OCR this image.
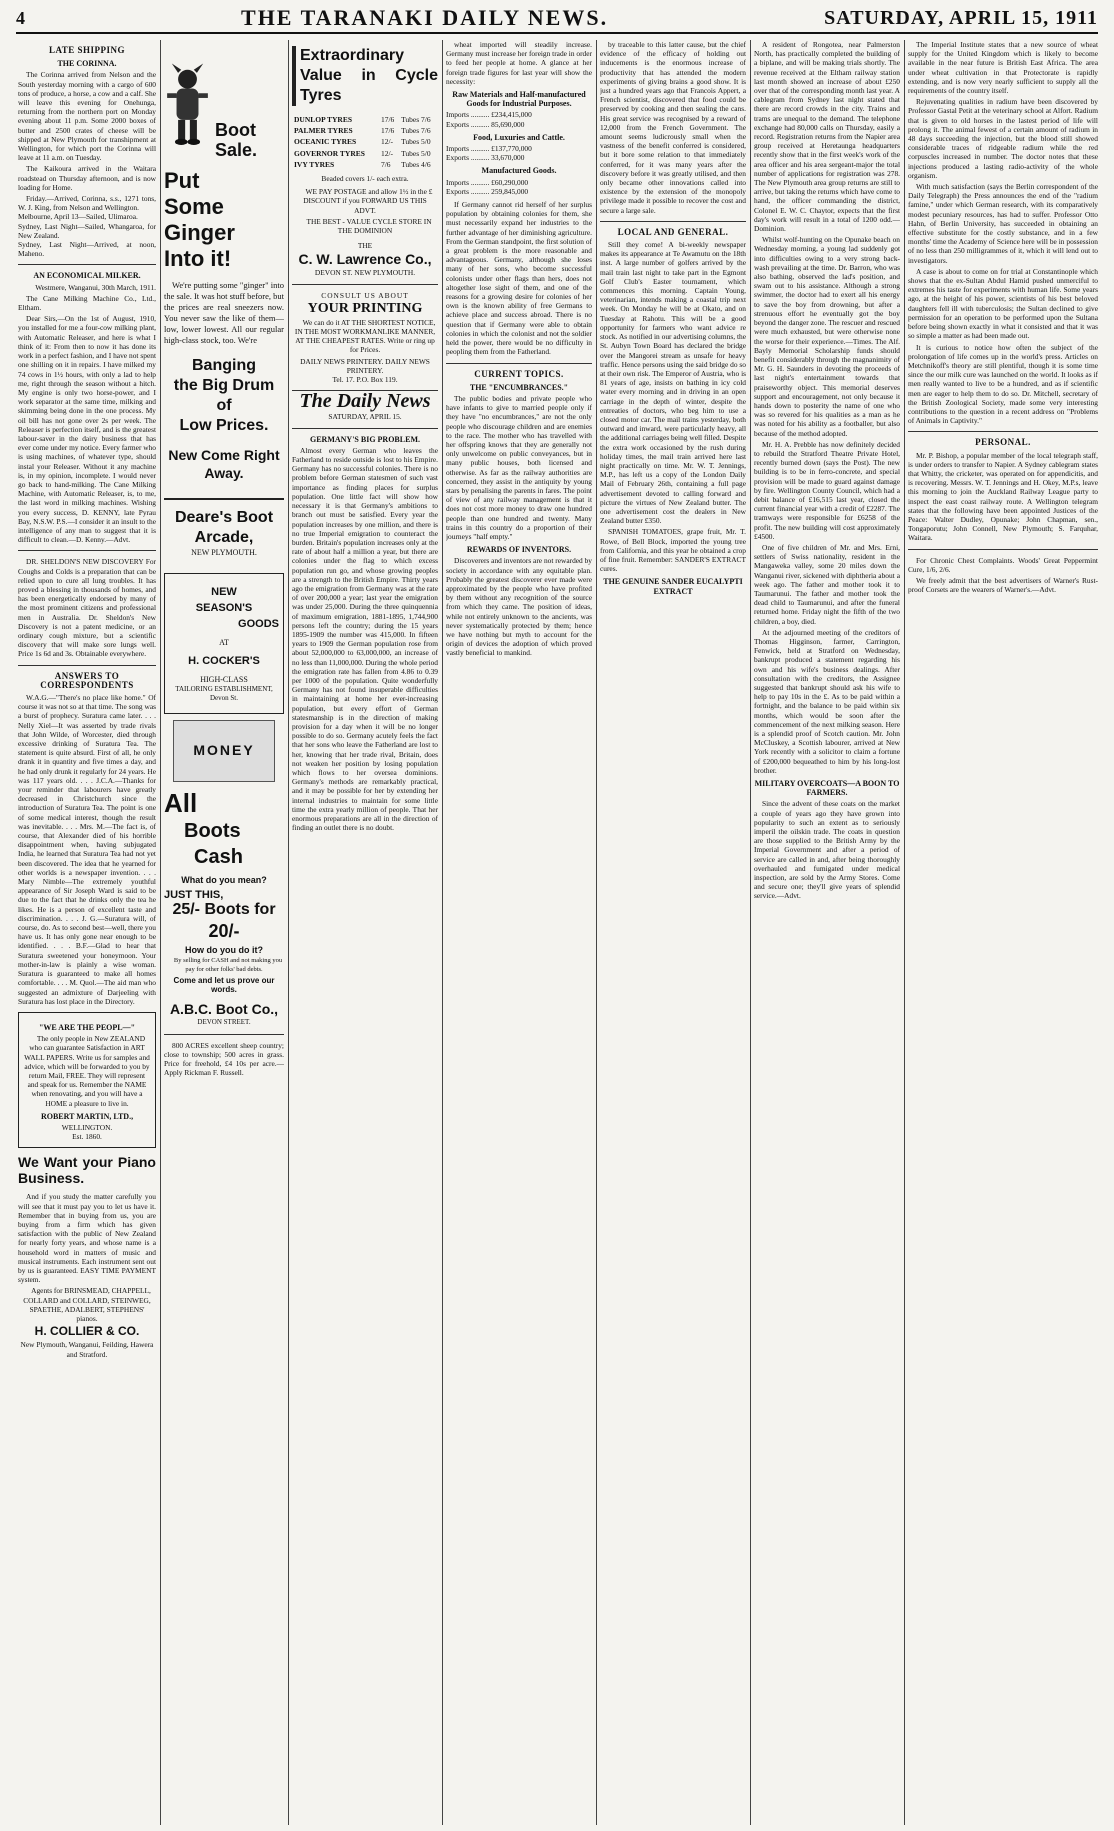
4	THE TARANAKI DAILY NEWS.	SATURDAY, APRIL 15, 1911
LATE SHIPPING
THE CORINNA.

The Corinna arrived from Nelson and the South yesterday morning with a cargo of 600 tons of produce, a horse, a cow and a calf. She will leave this evening for Onehunga, returning from the northern port on Monday evening about 11 p.m. Some 2000 boxes of butter and 2500 crates of cheese will be shipped at New Plymouth for transhipment at Wellington, for which port the Corinna will leave at 11 a.m. on Tuesday.

The Kaikoura arrived in the Waitara roadstead on Thursday afternoon, and is now loading for Home.

Friday.—Arrived, Corinna, s.s., 1271 tons, W. J. King, from Nelson and Wellington.
Melbourne, April 13—Sailed, Ulimaroa.
Sydney, Last Night—Sailed, Whangaroa, for New Zealand.
Sydney, Last Night—Arrived, at noon, Maheno.

AN ECONOMICAL MILKER.

Westmere, Wanganui, 30th March, 1911.

The Cane Milking Machine Co., Ltd., Eltham.

Dear Sirs,—On the 1st of August, 1910, you installed for me a four-cow milking plant, with Automatic Releaser, and here is what I think of it: From then to now it has done its work in a perfect fashion, and I have not spent one shilling on it in repairs. I have milked my 74 cows in 1½ hours, with only a lad to help me, right through the season without a hitch. My engine is only two horse-power, and I work separator at the same time, milking and skimming being done in the one process. My oil bill has not gone over 2s per week. The Releaser is perfection itself, and is the greatest labour-saver in the dairy business that has ever come under my notice. Every farmer who is using machines, of whatever type, should instal your Releaser. Without it any machine is, in my opinion, incomplete. I would never go back to hand-milking. The Cane Milking Machine, with Automatic Releaser, is, to me, the last word in milking machines. Wishing you every success, D. KENNY, late Pyrau Bay, N.S.W. P.S.—I consider it an insult to the intelligence of any man to suggest that it is difficult to clean.—D. Kenny.—Advt.

DR. SHELDON'S NEW DISCOVERY For Coughs and Colds is a preparation that can be relied upon to cure all lung troubles. It has proved a blessing in thousands of homes, and has been energetically endorsed by many of the most prominent citizens and professional men in Australia. Dr. Sheldon's New Discovery is not a patent medicine, or an ordinary cough mixture, but a scientific discovery that will make sore lungs well. Price 1s 6d and 3s. Obtainable everywhere.

ANSWERS TO CORRESPONDENTS

W.A.G.—"There's no place like home." Of course it was not so at that time. The song was a burst of prophecy. Suratura came later. . . . Nelly Xiel—It was asserted by trade rivals that John Wilde, of Worcester, died through excessive drinking of Suratura Tea. The statement is quite absurd. First of all, he only drank it in quantity and five times a day, and he had only drunk it regularly for 24 years. He was 117 years old. . . . J.C.A.—Thanks for your reminder that labourers have greatly decreased in Christchurch since the introduction of Suratura Tea. The point is one of some medical interest, though the result was inevitable. . . . Mrs. M.—The fact is, of course, that Alexander died of his horrible disappointment when, having subjugated India, he learned that Suratura Tea had not yet been discovered. The idea that he yearned for other worlds is a newspaper invention. . . . Mary Nimble—The extremely youthful appearance of Sir Joseph Ward is said to be due to the fact that he drinks only the tea he likes. He is a person of excellent taste and discrimination. . . . J. G.—Suratura will, of course, do. As to second best—well, there you have us. It has only gone near enough to be identified. . . . B.F.—Glad to hear that Suratura sweetened your honeymoon. Your mother-in-law is plainly a wise woman. Suratura is guaranteed to make all homes comfortable. . . . M. Quol.—The aid man who suggested an admixture of Darjeeling with Suratura has lost place in the Directory.

"WE ARE THE PEOPL—"

The only people in New ZEALAND who can guarantee Satisfaction in ART WALL PAPERS. Write us for samples and advice, which will be forwarded to you by return Mail, FREE. They will represent and speak for us. Remember the NAME when renovating, and you will have a HOME a pleasure to live in.

ROBERT MARTIN, LTD.,
WELLINGTON.
Est. 1860.
We Want your Piano Business.

And if you study the matter carefully you will see that it must pay you to let us have it. Remember that in buying from us, you are buying from a firm which has given satisfaction with the public of New Zealand for nearly forty years, and whose name is a household word in matters of music and musical instruments. Each instrument sent out by us is guaranteed. EASY TIME PAYMENT system.

Agents for BRINSMEAD, CHAPPELL, COLLARD and COLLARD, STEINWEG, SPAETHE, ADALBERT, STEPHENS' pianos.

H. COLLIER & CO.
New Plymouth, Wanganui, Feilding, Hawera and Stratford.
Boot Sale.
Put
Some
Ginger
Into it!

We're putting some "ginger" into the sale. It was hot stuff before, but the prices are real sneezers now. You never saw the like of them—low, lower lowest. All our regular high-class stock, too. We're

Banging
the Big Drum
of
Low Prices.
New Come Right Away.
Deare's Boot Arcade,
NEW PLYMOUTH.
NEW
SEASON'S
GOODS
AT
H. COCKER'S
HIGH-CLASS
TAILORING ESTABLISHMENT,
Devon St.
MONEY
All
Boots
Cash
What do you mean?
JUST THIS,
25/- Boots for
20/-
How do you do it?

By selling for CASH and not making you pay for other folks' bad debts.

Come and let us prove our words.
A.B.C. Boot Co.,
DEVON STREET.

800 ACRES excellent sheep country; close to township; 500 acres in grass. Price for freehold, £4 10s per acre.—Apply Rickman F. Russell.

Extraordinary Value in Cycle Tyres
DUNLOP TYRES	17/6	Tubes 7/6
PALMER TYRES	17/6	Tubes 7/6
OCEANIC TYRES	12/-	Tubes 5/0
GOVERNOR TYRES	12/-	Tubes 5/0
IVY TYRES	7/6	Tubes 4/6
Beaded covers 1/- each extra.

WE PAY POSTAGE and allow 1½ in the £ DISCOUNT if you FORWARD US THIS ADVT.

THE BEST - VALUE CYCLE STORE IN THE DOMINION

THE
C. W. Lawrence Co.,
DEVON ST. NEW PLYMOUTH.
CONSULT US ABOUT
YOUR PRINTING

We can do it AT THE SHORTEST NOTICE, IN THE MOST WORKMANLIKE MANNER, AT THE CHEAPEST RATES. Write or ring up for Prices.

DAILY NEWS PRINTERY. DAILY NEWS PRINTERY.
Tel. 17. P.O. Box 119.
The Daily News
SATURDAY, APRIL 15.
GERMANY'S BIG PROBLEM.

Almost every German who leaves the Fatherland to reside outside is lost to his Empire. Germany has no successful colonies. There is no problem before German statesmen of such vast importance as finding places for surplus population. One little fact will show how necessary it is that Germany's ambitions to branch out must be satisfied. Every year the population increases by one million, and there is no true Imperial emigration to counteract the burden. Britain's population increases only at the rate of about half a million a year, but there are colonies under the flag to which excess population run go, and whose growing peoples are a strength to the British Empire. Thirty years ago the emigration from Germany was at the rate of over 200,000 a year; last year the emigration was under 25,000. During the three quinquennia of maximum emigration, 1881-1895, 1,744,900 persons left the country; during the 15 years 1895-1909 the number was 415,000. In fifteen years to 1909 the German population rose from about 52,000,000 to 63,000,000, an increase of no less than 11,000,000. During the whole period the emigration rate has fallen from 4.86 to 0.39 per 1000 of the population. Quite wonderfully Germany has not found insuperable difficulties in maintaining at home her ever-increasing population, but every effort of German statesmanship is in the direction of making provision for a day when it will be no longer possible to do so. Germany acutely feels the fact that her sons who leave the Fatherland are lost to her, knowing that her trade rival, Britain, does not weaken her position by losing population which flows to her oversea dominions. Germany's methods are remarkably practical, and it may be possible for her by extending her internal industries to maintain for some little time the extra yearly million of people. That her enormous preparations are all in the direction of finding an outlet there is no doubt.

wheat imported will steadily increase. Germany must increase her foreign trade in order to feed her people at home. A glance at her foreign trade figures for last year will show the necessity:

Raw Materials and Half-manufactured Goods for Industrial Purposes.
Imports .......... £234,415,000
Exports .......... 85,690,000
Food, Luxuries and Cattle.
Imports .......... £137,770,000
Exports .......... 33,670,000
Manufactured Goods.
Imports .......... £60,290,000
Exports .......... 259,845,000

If Germany cannot rid herself of her surplus population by obtaining colonies for them, she must necessarily expand her industries to the further advantage of her diminishing agriculture. From the German standpoint, the first solution of a great problem is the more reasonable and advantageous. Germany, although she loses many of her sons, who become successful colonists under other flags than hers, does not altogether lose sight of them, and one of the reasons for a growing desire for colonies of her own is the known ability of free Germans to achieve place and success abroad. There is no question that if Germany were able to obtain colonies in which the colonist and not the soldier held the power, there would be no difficulty in peopling them from the Fatherland.

CURRENT TOPICS.
THE "ENCUMBRANCES."

The public bodies and private people who have infants to give to married people only if they have "no encumbrances," are not the only people who discourage children and are enemies to the race. The mother who has travelled with her offspring knows that they are generally not only unwelcome on public conveyances, but in many public houses, both licensed and otherwise. As far as the railway authorities are concerned, they assist in the antiquity by young stars by penalising the parents in fares. The point of view of any railway management is that it does not cost more money to draw one hundred people than one hundred and twenty. Many trains in this country do a proportion of their journeys "half empty."

REWARDS OF INVENTORS.

Discoverers and inventors are not rewarded by society in accordance with any equitable plan. Probably the greatest discoverer ever made were approximated by the people who have profited by them without any recognition of the source from which they came. The position of ideas, while not entirely unknown to the ancients, was never systematically protected by them; hence we have nothing but myth to account for the origin of devices the adoption of which proved vastly beneficial to mankind.

by traceable to this latter cause, but the chief evidence of the efficacy of holding out inducements is the enormous increase of productivity that has attended the modern experiments of giving brains a good show. It is just a hundred years ago that Francois Appert, a French scientist, discovered that food could be preserved by cooking and then sealing the cans. His great service was recognised by a reward of 12,000 from the French Government. The amount seems ludicrously small when the vastness of the benefit conferred is considered, but it bore some relation to that immediately conferred, for it was many years after the discovery before it was greatly utilised, and then only became other innovations called into existence by the extension of the monopoly privilege made it possible to recover the cost and secure a large sale.

LOCAL AND GENERAL.

Still they come! A bi-weekly newspaper makes its appearance at Te Awamutu on the 18th inst. A large number of golfers arrived by the mail train last night to take part in the Egmont Golf Club's Easter tournament, which commences this morning. Captain Young, veterinarian, intends making a coastal trip next week. On Monday he will be at Okato, and on Tuesday at Rahotu. This will be a good opportunity for farmers who want advice re stock. As notified in our advertising columns, the St. Aubyn Town Board has declared the bridge over the Mangorei stream as unsafe for heavy traffic. Hence persons using the said bridge do so at their own risk. The Emperor of Austria, who is 81 years of age, insists on bathing in icy cold water every morning and in driving in an open carriage in the depth of winter, despite the entreaties of doctors, who beg him to use a closed motor car. The mail trains yesterday, both outward and inward, were particularly heavy, all the additional carriages being well filled. Despite the extra work occasioned by the rush during holiday times, the mail train arrived here last night practically on time. Mr. W. T. Jennings, M.P., has left us a copy of the London Daily Mail of February 26th, containing a full page advertisement devoted to calling forward and picture the virtues of New Zealand butter. The one advertisement cost the dealers in New Zealand butter £350.

SPANISH TOMATOES, grape fruit, Mr. T. Rowe, of Bell Block, imported the young tree from California, and this year he obtained a crop of fine fruit. Remember: SANDER'S EXTRACT cures.

THE GENUINE SANDER EUCALYPTI EXTRACT

A resident of Rongotea, near Palmerston North, has practically completed the building of a biplane, and will be making trials shortly. The revenue received at the Eltham railway station last month showed an increase of about £250 over that of the corresponding month last year. A cablegram from Sydney last night stated that there are record crowds in the city. Trains and trams are unequal to the demand. The telephone exchange had 80,000 calls on Thursday, easily a record. Registration returns from the Napier area group received at Heretaunga headquarters recently show that in the first week's work of the area officer and his area sergeant-major the total number of applications for registration was 278. The New Plymouth area group returns are still to arrive, but taking the returns which have come to hand, the officer commanding the district, Colonel E. W. C. Chaytor, expects that the first day's work will result in a total of 1200 odd.—Dominion.

Whilst wolf-hunting on the Opunake beach on Wednesday morning, a young lad suddenly got into difficulties owing to a very strong back-wash prevailing at the time. Dr. Barron, who was also bathing, observed the lad's position, and swam out to his assistance. Although a strong swimmer, the doctor had to exert all his energy to save the boy from drowning, but after a strenuous effort he eventually got the boy beyond the danger zone. The rescuer and rescued were much exhausted, but were otherwise none the worse for their experience.—Times. The Alf. Bayly Memorial Scholarship funds should benefit considerably through the magnanimity of Mr. G. H. Saunders in devoting the proceeds of last night's entertainment towards that praiseworthy object. This memorial deserves support and encouragement, not only because it hands down to posterity the name of one who was so revered for his qualities as a man as he was noted for his ability as a footballer, but also because of the method adopted.

Mr. H. A. Prebble has now definitely decided to rebuild the Stratford Theatre Private Hotel, recently burned down (says the Post). The new building is to be in ferro-concrete, and special provision will be made to guard against damage by fire. Wellington County Council, which had a debit balance of £16,515 last year, closed the current financial year with a credit of £2287. The tramways were responsible for £6258 of the profit. The new building will cost approximately £4500.

One of five children of Mr. and Mrs. Erni, settlers of Swiss nationality, resident in the Mangaweka valley, some 20 miles down the Wanganui river, sickened with diphtheria about a week ago. The father and mother took it to Taumarunui. The father and mother took the dead child to Taumarunui, and after the funeral returned home. Friday night the fifth of the two children, a boy, died.

At the adjourned meeting of the creditors of Thomas Higginson, farmer, Carrington, Fenwick, held at Stratford on Wednesday, bankrupt produced a statement regarding his own and his wife's business dealings. After consultation with the creditors, the Assignee suggested that bankrupt should ask his wife to help to pay 10s in the £. As to be paid within a fortnight, and the balance to be paid within six months, which would be soon after the commencement of the next milking season. Here is a splendid proof of Scotch caution. Mr. John McCluskey, a Scottish labourer, arrived at New York recently with a solicitor to claim a fortune of £200,000 bequeathed to him by his long-lost brother.

MILITARY OVERCOATS—A BOON TO FARMERS.

Since the advent of these coats on the market a couple of years ago they have grown into popularity to such an extent as to seriously imperil the oilskin trade. The coats in question are those supplied to the British Army by the Imperial Government and after a period of service are called in and, after being thoroughly overhauled and fumigated under medical inspection, are sold by the Army Stores. Come and secure one; they'll give years of splendid service.—Advt.

The Imperial Institute states that a new source of wheat supply for the United Kingdom which is likely to become available in the near future is British East Africa. The area under wheat cultivation in that Protectorate is rapidly extending, and is now very nearly sufficient to supply all the requirements of the country itself.

Rejuvenating qualities in radium have been discovered by Professor Gastal Petit at the veterinary school at Alfort. Radium that is given to old horses in the lastest period of life will prolong it. The animal fewest of a certain amount of radium in 48 days succeeding the injection, but the blood still showed considerable traces of ridgeable radium while the red corpuscles increased in number. The doctor notes that these injections produced a lasting radio-activity of the whole organism.

With much satisfaction (says the Berlin correspondent of the Daily Telegraph) the Press announces the end of the "radium famine," under which German research, with its comparatively modest pecuniary resources, has had to suffer. Professor Otto Hahn, of Berlin University, has succeeded in obtaining an effective substitute for the costly substance, and in a few months' time the Academy of Science here will be in possession of no less than 250 milligrammes of it, which it will lend out to investigators.

A case is about to come on for trial at Constantinople which shows that the ex-Sultan Abdul Hamid pushed unmerciful to extremes his taste for experiments with human life. Some years ago, at the height of his power, scientists of his best beloved daughters fell ill with tuberculosis; the Sultan declined to give permission for an operation to be performed upon the Sultana before being shown exactly in what it consisted and that it was so simple a matter as had been made out.

It is curious to notice how often the subject of the prolongation of life comes up in the world's press. Articles on Metchnikoff's theory are still plentiful, though it is some time since the our milk cure was launched on the world. It looks as if men really wanted to live to be a hundred, and as if scientific men are eager to help them to do so. Dr. Mitchell, secretary of the British Zoological Society, made some very interesting contributions to the question in a recent address on "Problems of Animals in Captivity."

PERSONAL.

Mr. P. Bishop, a popular member of the local telegraph staff, is under orders to transfer to Napier. A Sydney cablegram states that Whitty, the cricketer, was operated on for appendicitis, and is recovering. Messrs. W. T. Jennings and H. Okey, M.P.s, leave this morning to join the Auckland Railway League party to inspect the east coast railway route. A Wellington telegram states that the following have been appointed Justices of the Peace: Walter Dudley, Opunake; John Chapman, sen., Tongaporutu; John Connell, New Plymouth; S. Farquhar, Waitara.

For Chronic Chest Complaints. Woods' Great Peppermint Cure, 1/6, 2/6.

We freely admit that the best advertisers of Warner's Rust-proof Corsets are the wearers of Warner's.—Advt.
